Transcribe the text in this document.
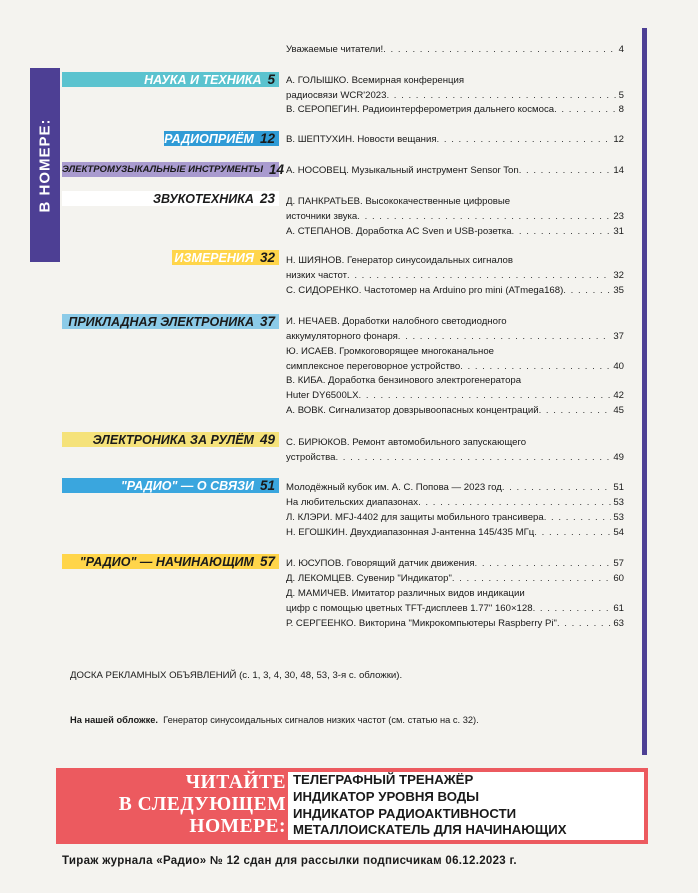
В НОМЕРЕ:
НАУКА И ТЕХНИКА 5
РАДИОПРИЁМ 12
ЭЛЕКТРОМУЗЫКАЛЬНЫЕ ИНСТРУМЕНТЫ 14
ЗВУКОТЕХНИКА 23
ИЗМЕРЕНИЯ 32
ПРИКЛАДНАЯ ЭЛЕКТРОНИКА 37
ЭЛЕКТРОНИКА ЗА РУЛЁМ 49
"РАДИО" — О СВЯЗИ 51
"РАДИО" — НАЧИНАЮЩИМ 57
Уважаемые читатели! . . .	4
А. ГОЛЫШКО. Всемирная конференция
радиосвязи WCR'2023 . . .	5
В. СЕРОПЕГИН. Радиоинтерферометрия дальнего космоса . . .	8
В. ШЕПТУХИН. Новости вещания . . .	12
А. НОСОВЕЦ. Музыкальный инструмент Sensor Ton . . .	14
Д. ПАНКРАТЬЕВ. Высококачественные цифровые
источники звука . . .	23
А. СТЕПАНОВ. Доработка AC Sven и USB-розетка . . .	31
Н. ШИЯНОВ. Генератор синусоидальных сигналов
низких частот . . .	32
С. СИДОРЕНКО. Частотомер на Arduino pro mini (ATmega168) . . .	35
И. НЕЧАЕВ. Доработки налобного светодиодного
аккумуляторного фонаря . . .	37
Ю. ИСАЕВ. Громкоговорящее многоканальное
симплексное переговорное устройство . . .	40
В. КИБА. Доработка бензинового электрогенератора
Huter DY6500LX . . .	42
А. ВОВК. Сигнализатор довзрывоопасных концентраций . . .	45
С. БИРЮКОВ. Ремонт автомобильного запускающего
устройства . . .	49
Молодёжный кубок им. А. С. Попова — 2023 год . . .	51
На любительских диапазонах . . .	53
Л. КЛЭРИ. MFJ-4402 для защиты мобильного трансивера . . .	53
Н. ЕГОШКИН. Двухдиапазонная J-антенна 145/435 МГц . . .	54
И. ЮСУПОВ. Говорящий датчик движения . . .	57
Д. ЛЕКОМЦЕВ. Сувенир "Индикатор" . . .	60
Д. МАМИЧЕВ. Имитатор различных видов индикации
цифр с помощью цветных TFT-дисплеев 1.77" 160×128 . . .	61
Р. СЕРГЕЕНКО. Викторина "Микрокомпьютеры Raspberry Pi" . . .	63
ДОСКА РЕКЛАМНЫХ ОБЪЯВЛЕНИЙ (с. 1, 3, 4, 30, 48, 53, 3-я с. обложки).
На нашей обложке. Генератор синусоидальных сигналов низких частот (см. статью на с. 32).
ЧИТАЙТЕ
В СЛЕДУЮЩЕМ
НОМЕРЕ:
ТЕЛЕГРАФНЫЙ ТРЕНАЖЁР
ИНДИКАТОР УРОВНЯ ВОДЫ
ИНДИКАТОР РАДИОАКТИВНОСТИ
МЕТАЛЛОИСКАТЕЛЬ ДЛЯ НАЧИНАЮЩИХ
Тираж журнала «Радио» № 12 сдан для рассылки подписчикам 06.12.2023 г.
